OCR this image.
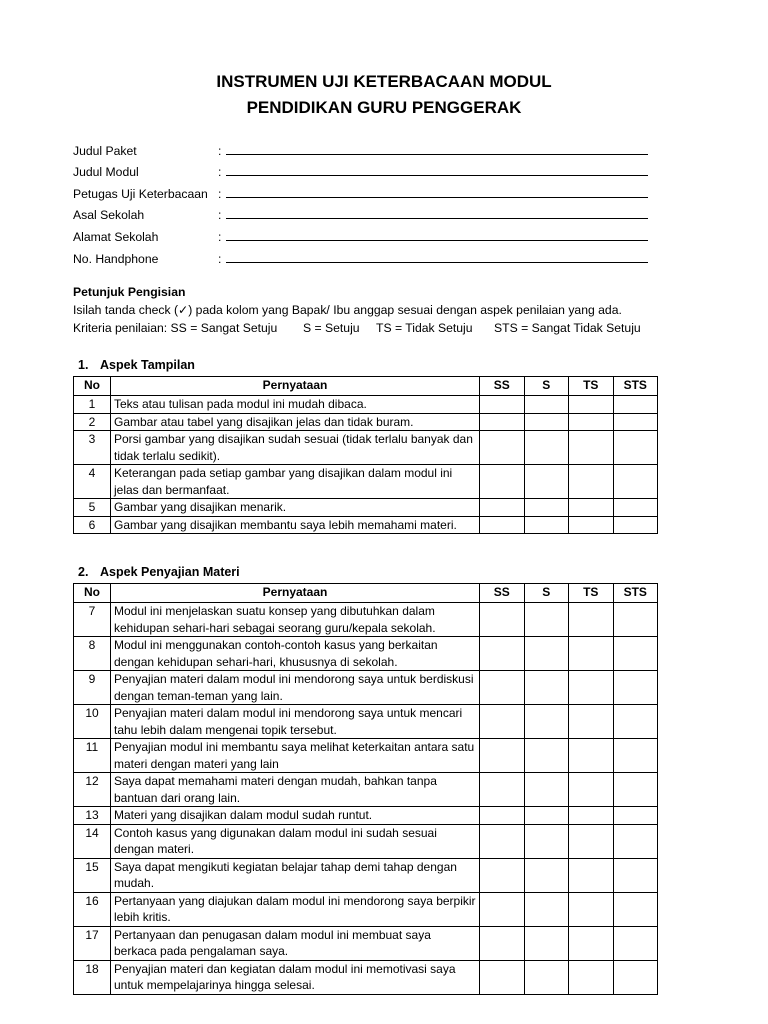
INSTRUMEN UJI KETERBACAAN MODUL
PENDIDIKAN GURU PENGGERAK
Judul Paket	:
Judul Modul	:
Petugas Uji Keterbacaan :
Asal Sekolah	:
Alamat Sekolah	:
No. Handphone	:
Petunjuk Pengisian
Isilah tanda check (✓) pada kolom yang Bapak/ Ibu anggap sesuai dengan aspek penilaian yang ada.
Kriteria penilaian: SS = Sangat Setuju S = Setuju TS = Tidak Setuju STS = Sangat Tidak Setuju
1. Aspek Tampilan
No	Pernyataan	SS	S	TS	STS
1	Teks atau tulisan pada modul ini mudah dibaca.				
2	Gambar atau tabel yang disajikan jelas dan tidak buram.				
3	Porsi gambar yang disajikan sudah sesuai (tidak terlalu banyak dan tidak terlalu sedikit).				
4	Keterangan pada setiap gambar yang disajikan dalam modul ini jelas dan bermanfaat.				
5	Gambar yang disajikan menarik.				
6	Gambar yang disajikan membantu saya lebih memahami materi.				
2. Aspek Penyajian Materi
No	Pernyataan	SS	S	TS	STS
7	Modul ini menjelaskan suatu konsep yang dibutuhkan dalam kehidupan sehari-hari sebagai seorang guru/kepala sekolah.				
8	Modul ini menggunakan contoh-contoh kasus yang berkaitan dengan kehidupan sehari-hari, khususnya di sekolah.				
9	Penyajian materi dalam modul ini mendorong saya untuk berdiskusi dengan teman-teman yang lain.				
10	Penyajian materi dalam modul ini mendorong saya untuk mencari tahu lebih dalam mengenai topik tersebut.				
11	Penyajian modul ini membantu saya melihat keterkaitan antara satu materi dengan materi yang lain				
12	Saya dapat memahami materi dengan mudah, bahkan tanpa bantuan dari orang lain.				
13	Materi yang disajikan dalam modul sudah runtut.				
14	Contoh kasus yang digunakan dalam modul ini sudah sesuai dengan materi.				
15	Saya dapat mengikuti kegiatan belajar tahap demi tahap dengan mudah.				
16	Pertanyaan yang diajukan dalam modul ini mendorong saya berpikir lebih kritis.				
17	Pertanyaan dan penugasan dalam modul ini membuat saya berkaca pada pengalaman saya.				
18	Penyajian materi dan kegiatan dalam modul ini memotivasi saya untuk mempelajarinya hingga selesai.				
